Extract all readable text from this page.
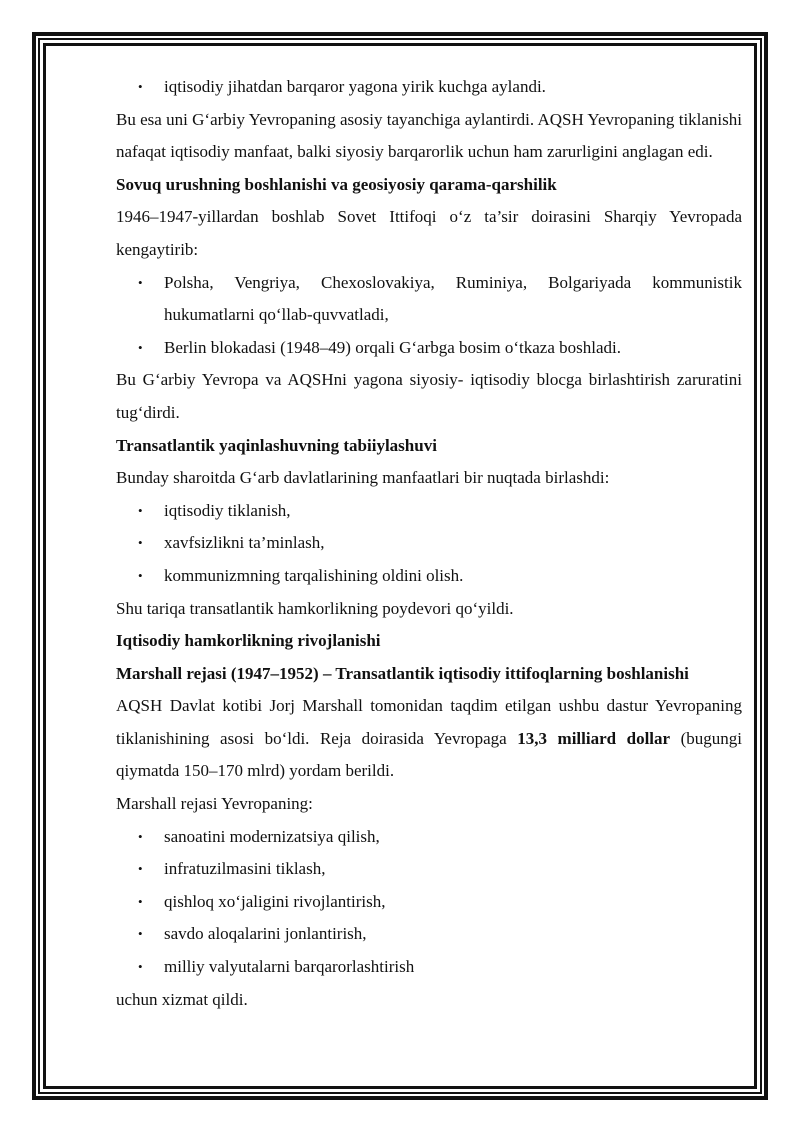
• iqtisodiy jihatdan barqaror yagona yirik kuchga aylandi.
Bu esa uni G‘arbiy Yevropaning asosiy tayanchiga aylantirdi. AQSH Yevropaning tiklanishi nafaqat iqtisodiy manfaat, balki siyosiy barqarorlik uchun ham zarurligini anglagan edi.
Sovuq urushning boshlanishi va geosiyosiy qarama-qarshilik
1946–1947-yillardan boshlab Sovet Ittifoqi o‘z ta’sir doirasini Sharqiy Yevropada kengaytirib:
• Polsha, Vengriya, Chexoslovakiya, Ruminiya, Bolgariyada kommunistik hukumatlarni qo‘llab-quvvatladi,
• Berlin blokadasi (1948–49) orqali G‘arbga bosim o‘tkaza boshladi.
Bu G‘arbiy Yevropa va AQSHni yagona siyosiy- iqtisodiy blocga birlashtirish zaruratini tug‘dirdi.
Transatlantik yaqinlashuvning tabiiylashuvi
Bunday sharoitda G‘arb davlatlarining manfaatlari bir nuqtada birlashdi:
• iqtisodiy tiklanish,
• xavfsizlikni ta’minlash,
• kommunizmning tarqalishining oldini olish.
Shu tariqa transatlantik hamkorlikning poydevori qo‘yildi.
Iqtisodiy hamkorlikning rivojlanishi
Marshall rejasi (1947–1952) – Transatlantik iqtisodiy ittifoqlarning boshlanishi
AQSH Davlat kotibi Jorj Marshall tomonidan taqdim etilgan ushbu dastur Yevropaning tiklanishining asosi bo‘ldi. Reja doirasida Yevropaga 13,3 milliard dollar (bugungi qiymatda 150–170 mlrd) yordam berildi.
Marshall rejasi Yevropaning:
• sanoatini modernizatsiya qilish,
• infratuzilmasini tiklash,
• qishloq xo‘jaligini rivojlantirish,
• savdo aloqalarini jonlantirish,
• milliy valyutalarni barqarorlashtirish
uchun xizmat qildi.
